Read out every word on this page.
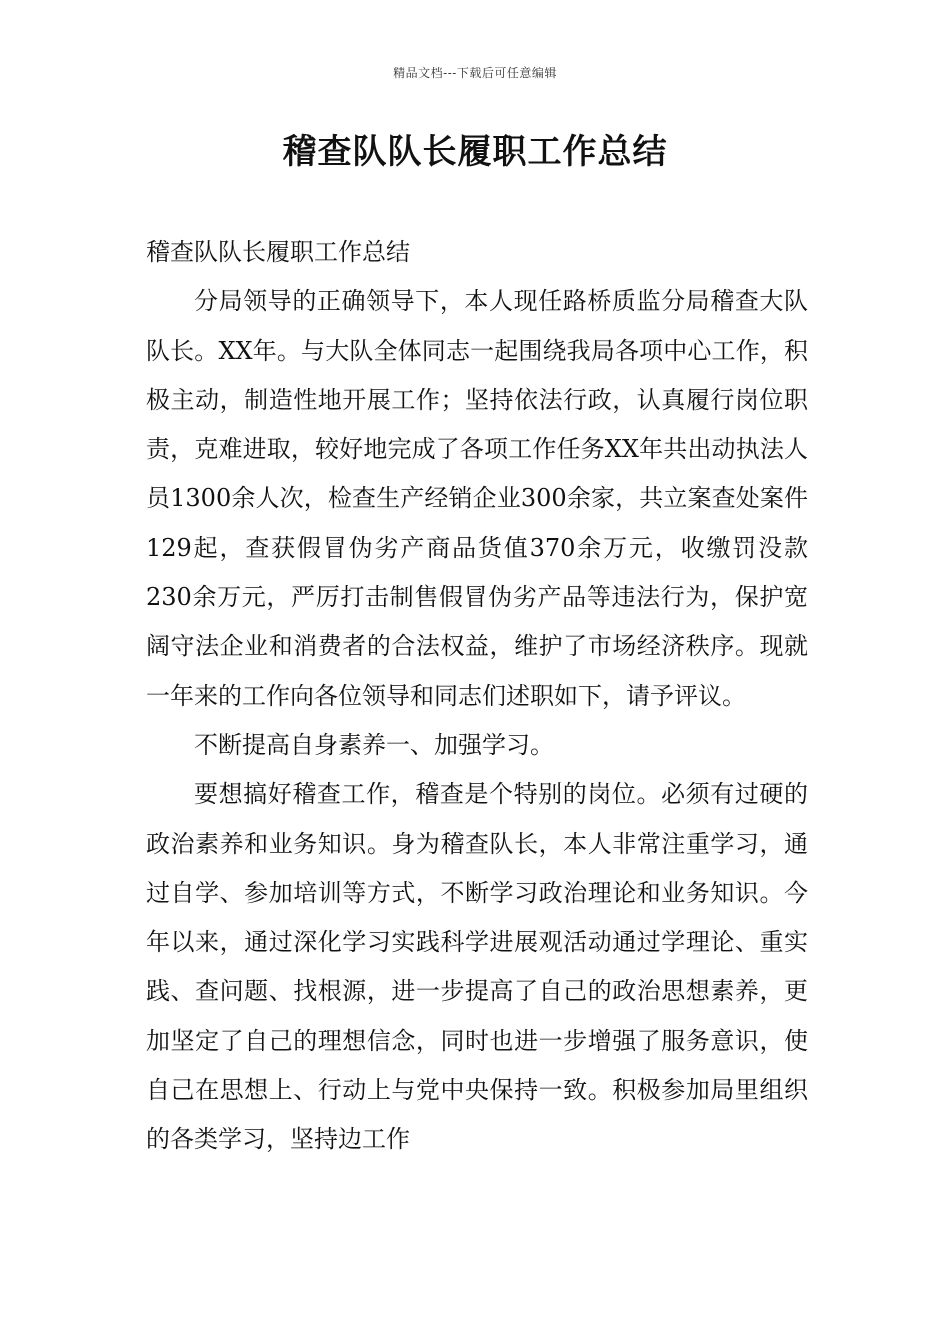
精品文档---下载后可任意编辑
稽查队队长履职工作总结

稽查队队长履职工作总结

分局领导的正确领导下，本人现任路桥质监分局稽查大队队长。XX年。与大队全体同志一起围绕我局各项中心工作，积极主动，制造性地开展工作；坚持依法行政，认真履行岗位职责，克难进取，较好地完成了各项工作任务XX年共出动执法人员1300余人次，检查生产经销企业300余家，共立案查处案件129起，查获假冒伪劣产商品货值370余万元，收缴罚没款230余万元，严厉打击制售假冒伪劣产品等违法行为，保护宽阔守法企业和消费者的合法权益，维护了市场经济秩序。现就一年来的工作向各位领导和同志们述职如下，请予评议。

不断提高自身素养一、加强学习。

要想搞好稽查工作，稽查是个特别的岗位。必须有过硬的政治素养和业务知识。身为稽查队长，本人非常注重学习，通过自学、参加培训等方式，不断学习政治理论和业务知识。今年以来，通过深化学习实践科学进展观活动通过学理论、重实践、查问题、找根源，进一步提高了自己的政治思想素养，更加坚定了自己的理想信念，同时也进一步增强了服务意识，使自己在思想上、行动上与党中央保持一致。积极参加局里组织的各类学习，坚持边工作
